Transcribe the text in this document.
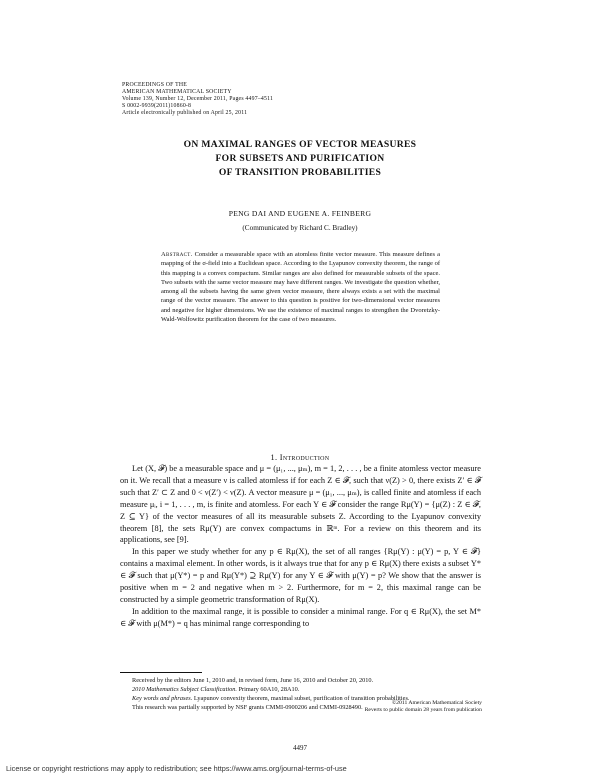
PROCEEDINGS OF THE
AMERICAN MATHEMATICAL SOCIETY
Volume 139, Number 12, December 2011, Pages 4497–4511
S 0002-9939(2011)10860-8
Article electronically published on April 25, 2011
ON MAXIMAL RANGES OF VECTOR MEASURES
FOR SUBSETS AND PURIFICATION
OF TRANSITION PROBABILITIES
PENG DAI AND EUGENE A. FEINBERG
(Communicated by Richard C. Bradley)
Abstract. Consider a measurable space with an atomless finite vector measure. This measure defines a mapping of the σ-field into a Euclidean space. According to the Lyapunov convexity theorem, the range of this mapping is a convex compactum. Similar ranges are also defined for measurable subsets of the space. Two subsets with the same vector measure may have different ranges. We investigate the question whether, among all the subsets having the same given vector measure, there always exists a set with the maximal range of the vector measure. The answer to this question is positive for two-dimensional vector measures and negative for higher dimensions. We use the existence of maximal ranges to strengthen the Dvoretzky-Wald-Wolfowitz purification theorem for the case of two measures.
1. Introduction

Let (X, 𝓕) be a measurable space and μ = (μ₁, ..., μₘ), m = 1, 2, . . . , be a finite atomless vector measure on it. We recall that a measure ν is called atomless if for each Z ∈ 𝓕, such that ν(Z) > 0, there exists Z′ ∈ 𝓕 such that Z′ ⊂ Z and 0 < ν(Z′) < ν(Z). A vector measure μ = (μ₁, ..., μₘ), is called finite and atomless if each measure μᵢ, i = 1, . . . , m, is finite and atomless. For each Y ∈ 𝓕 consider the range Rμ(Y) = {μ(Z) : Z ∈ 𝓕, Z ⊆ Y} of the vector measures of all its measurable subsets Z. According to the Lyapunov convexity theorem [8], the sets Rμ(Y) are convex compactums in ℝᵐ. For a review on this theorem and its applications, see [9].

In this paper we study whether for any p ∈ Rμ(X), the set of all ranges {Rμ(Y) : μ(Y) = p, Y ∈ 𝓕} contains a maximal element. In other words, is it always true that for any p ∈ Rμ(X) there exists a subset Y* ∈ 𝓕 such that μ(Y*) = p and Rμ(Y*) ⊇ Rμ(Y) for any Y ∈ 𝓕 with μ(Y) = p? We show that the answer is positive when m = 2 and negative when m > 2. Furthermore, for m = 2, this maximal range can be constructed by a simple geometric transformation of Rμ(X).

In addition to the maximal range, it is possible to consider a minimal range. For q ∈ Rμ(X), the set M* ∈ 𝓕 with μ(M*) = q has minimal range corresponding to

Received by the editors June 1, 2010 and, in revised form, June 16, 2010 and October 20, 2010.

2010 Mathematics Subject Classification. Primary 60A10, 28A10.

Key words and phrases. Lyapunov convexity theorem, maximal subset, purification of transition probabilities.

This research was partially supported by NSF grants CMMI-0900206 and CMMI-0928490.

©2011 American Mathematical Society
Reverts to public domain 28 years from publication
4497
License or copyright restrictions may apply to redistribution; see https://www.ams.org/journal-terms-of-use
